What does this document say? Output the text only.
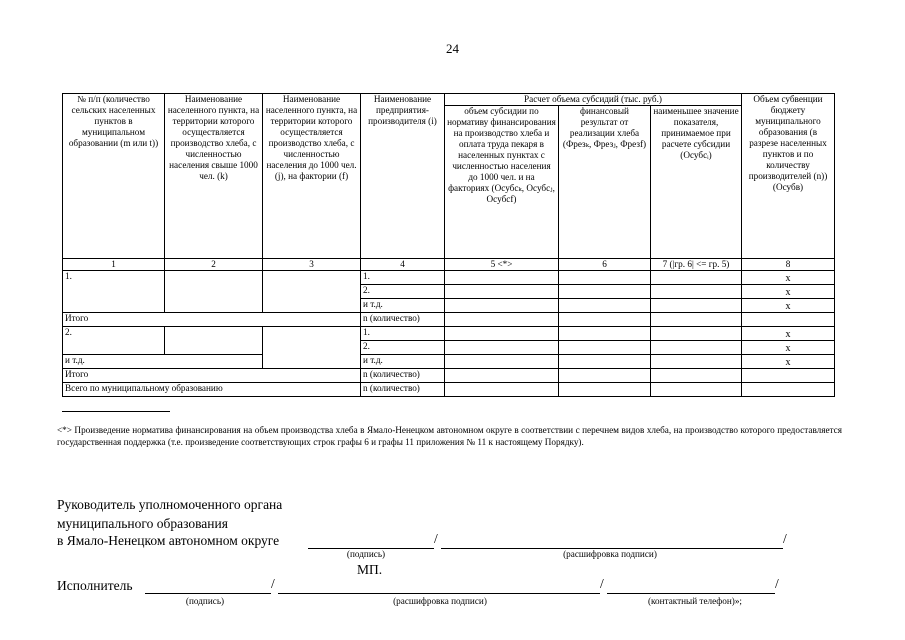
24
№ п/п (количество сельских населенных пунктов в муниципальном образовании (m или t))	Наименование населенного пункта, на территории которого осуществляется производство хлеба, с численностью населения свыше 1000 чел. (k)	Наименование населенного пункта, на территории которого осуществляется производство хлеба, с численностью населения до 1000 чел. (j), на фактории (f)	Наименование предприятия-производителя (i)	Расчет объема субсидий (тыс. руб.)			Объем субвенции бюджету муниципального образования (в разрезе населенных пунктов и по количеству производителей (n)) (Осубв)
				объем субсидии по нормативу финансирования на производство хлеба и оплата труда пекаря в населенных пунктах с численностью населения до 1000 чел. и на факториях (Осубсₖ, Осубсⱼ, Осубсf)	финансовый результат от реализации хлеба (Фрезₖ, Фрезⱼ, Фрезf)	наименьшее значение показателя, принимаемое при расчете субсидии (Осубсᵢ)	
1	2	3	4	5 <*>	6	7 (|гр. 6| <= гр. 5)	8
1.			1.				x
			2.				x
			и т.д.				x
Итого			n (количество)				
2.			1.				x
			2.				x
и т.д.			и т.д.				x
Итого			n (количество)				
Всего по муниципальному образованию			n (количество)				
<*> Произведение норматива финансирования на объем производства хлеба в Ямало-Ненецком автономном округе в соответствии с перечнем видов хлеба, на производство которого предоставляется государственная поддержка (т.е. произведение соответствующих строк графы 6 и графы 11 приложения № 11 к настоящему Порядку).
Руководитель уполномоченного органа
муниципального образования
в Ямало-Ненецком автономном округе	/	/
(подпись)	(расшифровка подписи)
МП.
Исполнитель	/	/	/
(подпись)	(расшифровка подписи)	(контактный телефон)»;
